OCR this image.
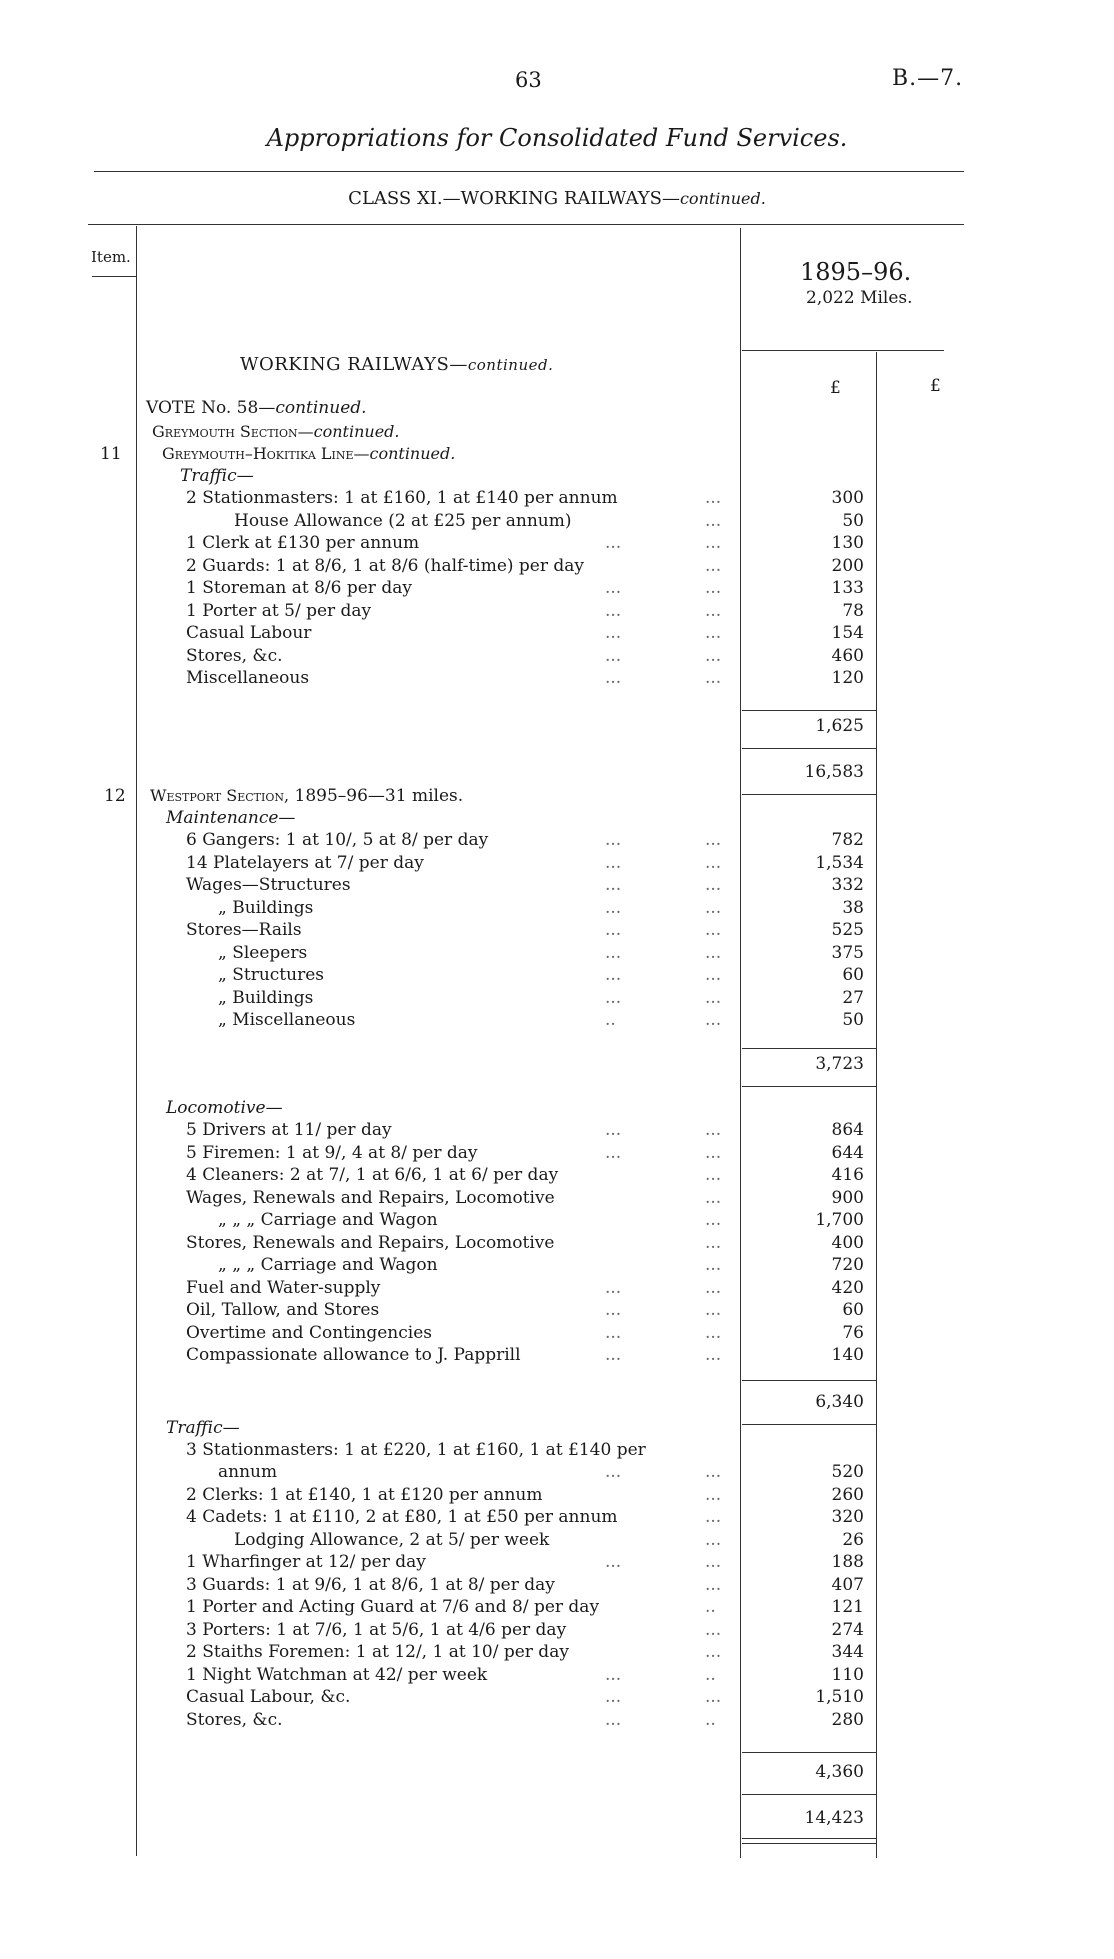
63	B.—7.
Appropriations for Consolidated Fund Services.
CLASS XI.—WORKING RAILWAYS—continued.
Item.
1895–96.
2,022 Miles.
£	£
WORKING RAILWAYS—continued.
VOTE No. 58—continued.
Greymouth Section—continued.
11	Greymouth–Hokitika Line—continued.
Traffic—
2 Stationmasters: 1 at £160, 1 at £140 per annum	...	300
House Allowance (2 at £25 per annum)	...	50
1 Clerk at £130 per annum	...	...	130
2 Guards: 1 at 8/6, 1 at 8/6 (half-time) per day	...	200
1 Storeman at 8/6 per day	...	...	133
1 Porter at 5/ per day	...	...	78
Casual Labour	...	...	154
Stores, &c.	...	...	460
Miscellaneous	...	...	120
1,625
16,583
12 Westport Section, 1895–96—31 miles.
Maintenance—
6 Gangers: 1 at 10/, 5 at 8/ per day	...	...	782
14 Platelayers at 7/ per day	...	...	1,534
Wages—Structures	...	...	332
„ Buildings	...	...	38
Stores—Rails	...	...	525
„ Sleepers	...	...	375
„ Structures	...	...	60
„ Buildings	...	...	27
„ Miscellaneous	..	...	50
3,723
Locomotive—
5 Drivers at 11/ per day	...	...	864
5 Firemen: 1 at 9/, 4 at 8/ per day	...	...	644
4 Cleaners: 2 at 7/, 1 at 6/6, 1 at 6/ per day	...	416
Wages, Renewals and Repairs, Locomotive	...	900
„ „ „ Carriage and Wagon	...	1,700
Stores, Renewals and Repairs, Locomotive	...	400
„ „ „ Carriage and Wagon	...	720
Fuel and Water-supply	...	...	420
Oil, Tallow, and Stores	...	...	60
Overtime and Contingencies	...	...	76
Compassionate allowance to J. Papprill	...	...	140
6,340
Traffic—
3 Stationmasters: 1 at £220, 1 at £160, 1 at £140 per
annum	...	...	520
2 Clerks: 1 at £140, 1 at £120 per annum	...	260
4 Cadets: 1 at £110, 2 at £80, 1 at £50 per annum	...	320
Lodging Allowance, 2 at 5/ per week	...	26
1 Wharfinger at 12/ per day	...	...	188
3 Guards: 1 at 9/6, 1 at 8/6, 1 at 8/ per day	...	407
1 Porter and Acting Guard at 7/6 and 8/ per day	..	121
3 Porters: 1 at 7/6, 1 at 5/6, 1 at 4/6 per day	...	274
2 Staiths Foremen: 1 at 12/, 1 at 10/ per day	...	344
1 Night Watchman at 42/ per week	...	..	110
Casual Labour, &c.	...	...	1,510
Stores, &c.	...	..	280
4,360
14,423
